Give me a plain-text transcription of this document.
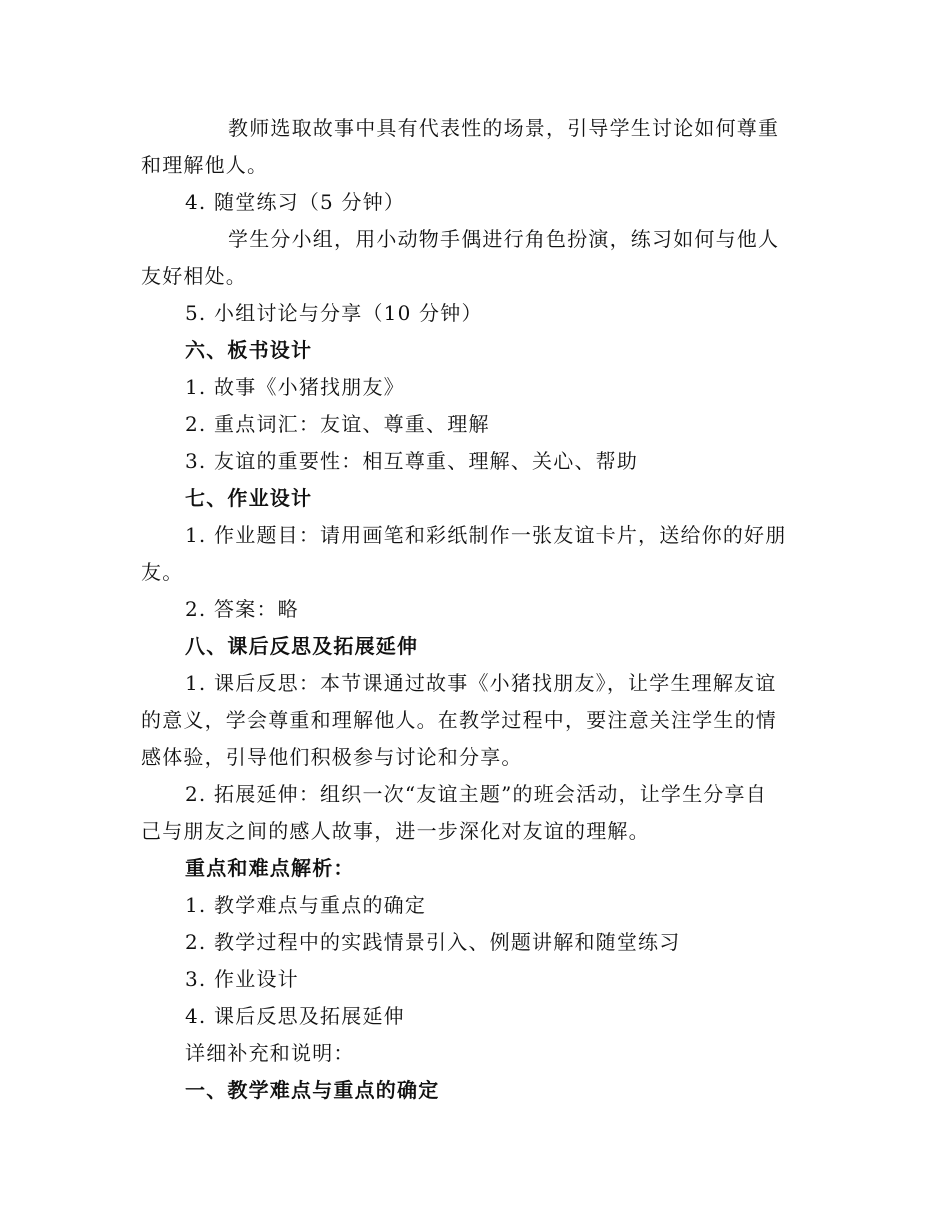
教师选取故事中具有代表性的场景，引导学生讨论如何尊重
和理解他人。
4. 随堂练习（5 分钟）
学生分小组，用小动物手偶进行角色扮演，练习如何与他人
友好相处。
5. 小组讨论与分享（10 分钟）
六、板书设计
1. 故事《小猪找朋友》
2. 重点词汇：友谊、尊重、理解
3. 友谊的重要性：相互尊重、理解、关心、帮助
七、作业设计
1. 作业题目：请用画笔和彩纸制作一张友谊卡片，送给你的好朋
友。
2. 答案：略
八、课后反思及拓展延伸
1. 课后反思：本节课通过故事《小猪找朋友》，让学生理解友谊
的意义，学会尊重和理解他人。在教学过程中，要注意关注学生的情
感体验，引导他们积极参与讨论和分享。
2. 拓展延伸：组织一次“友谊主题”的班会活动，让学生分享自
己与朋友之间的感人故事，进一步深化对友谊的理解。
重点和难点解析：
1. 教学难点与重点的确定
2. 教学过程中的实践情景引入、例题讲解和随堂练习
3. 作业设计
4. 课后反思及拓展延伸
详细补充和说明：
一、教学难点与重点的确定
